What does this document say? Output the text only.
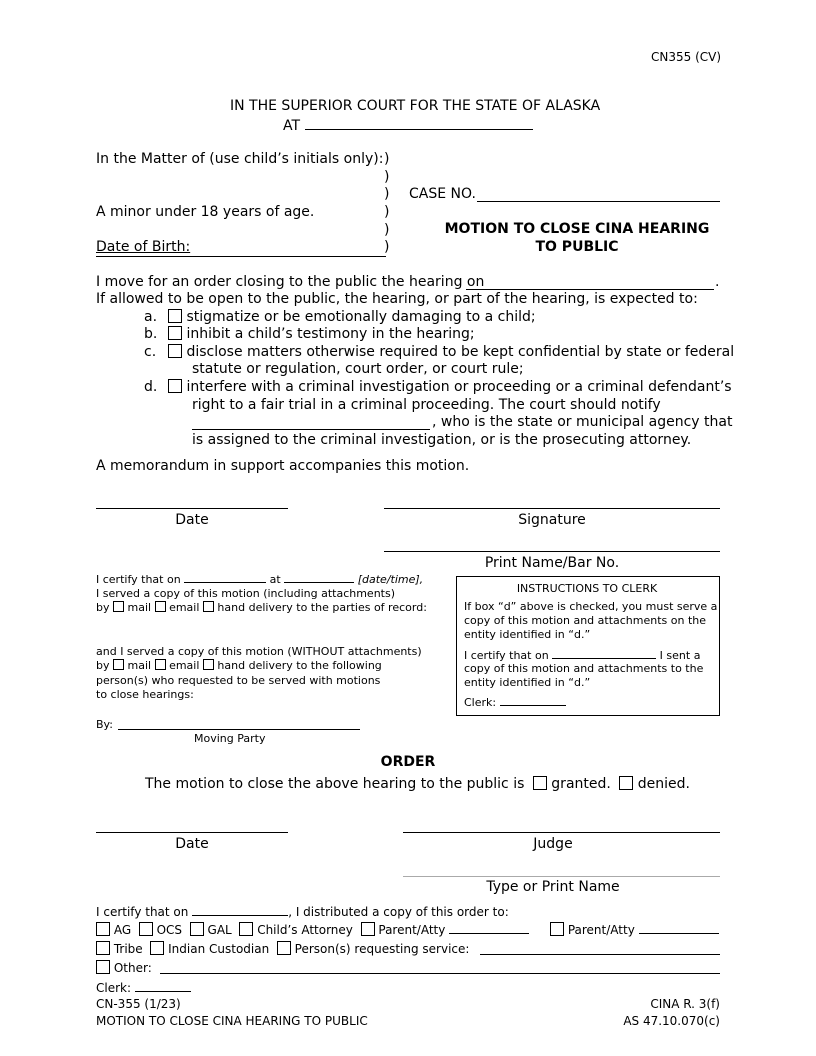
CN355 (CV)
IN THE SUPERIOR COURT FOR THE STATE OF ALASKA
AT
In the Matter of (use child’s initials only):
A minor under 18 years of age.
Date of Birth:
)
)
)
)
)
)
CASE NO.
MOTION TO CLOSE CINA HEARING
TO PUBLIC
I move for an order closing to the public the hearing on	.
If allowed to be open to the public, the hearing, or part of the hearing, is expected to:
a. stigmatize or be emotionally damaging to a child;
b. inhibit a child’s testimony in the hearing;
c. disclose matters otherwise required to be kept confidential by state or federal
statute or regulation, court order, or court rule;
d. interfere with a criminal investigation or proceeding or a criminal defendant’s
right to a fair trial in a criminal proceeding. The court should notify
, who is the state or municipal agency that
is assigned to the criminal investigation, or is the prosecuting attorney.
A memorandum in support accompanies this motion.
Date	Signature
Print Name/Bar No.
I certify that on	at	[date/time],
I served a copy of this motion (including attachments)
by mail email hand delivery to the parties of record:
and I served a copy of this motion (WITHOUT attachments)
by mail email hand delivery to the following
person(s) who requested to be served with motions
to close hearings:
By:
Moving Party
INSTRUCTIONS TO CLERK
If box “d” above is checked, you must serve a
copy of this motion and attachments on the
entity identified in “d.”
I certify that on	I sent a
copy of this motion and attachments to the
entity identified in “d.”
Clerk:
ORDER
The motion to close the above hearing to the public is granted. denied.
Date	Judge
Type or Print Name
I certify that on	, I distributed a copy of this order to:
AG OCS GAL Child’s Attorney Parent/Atty	Parent/Atty
Tribe Indian Custodian Person(s) requesting service:
Other:
Clerk:
CN-355 (1/23)
MOTION TO CLOSE CINA HEARING TO PUBLIC
CINA R. 3(f)
AS 47.10.070(c)
